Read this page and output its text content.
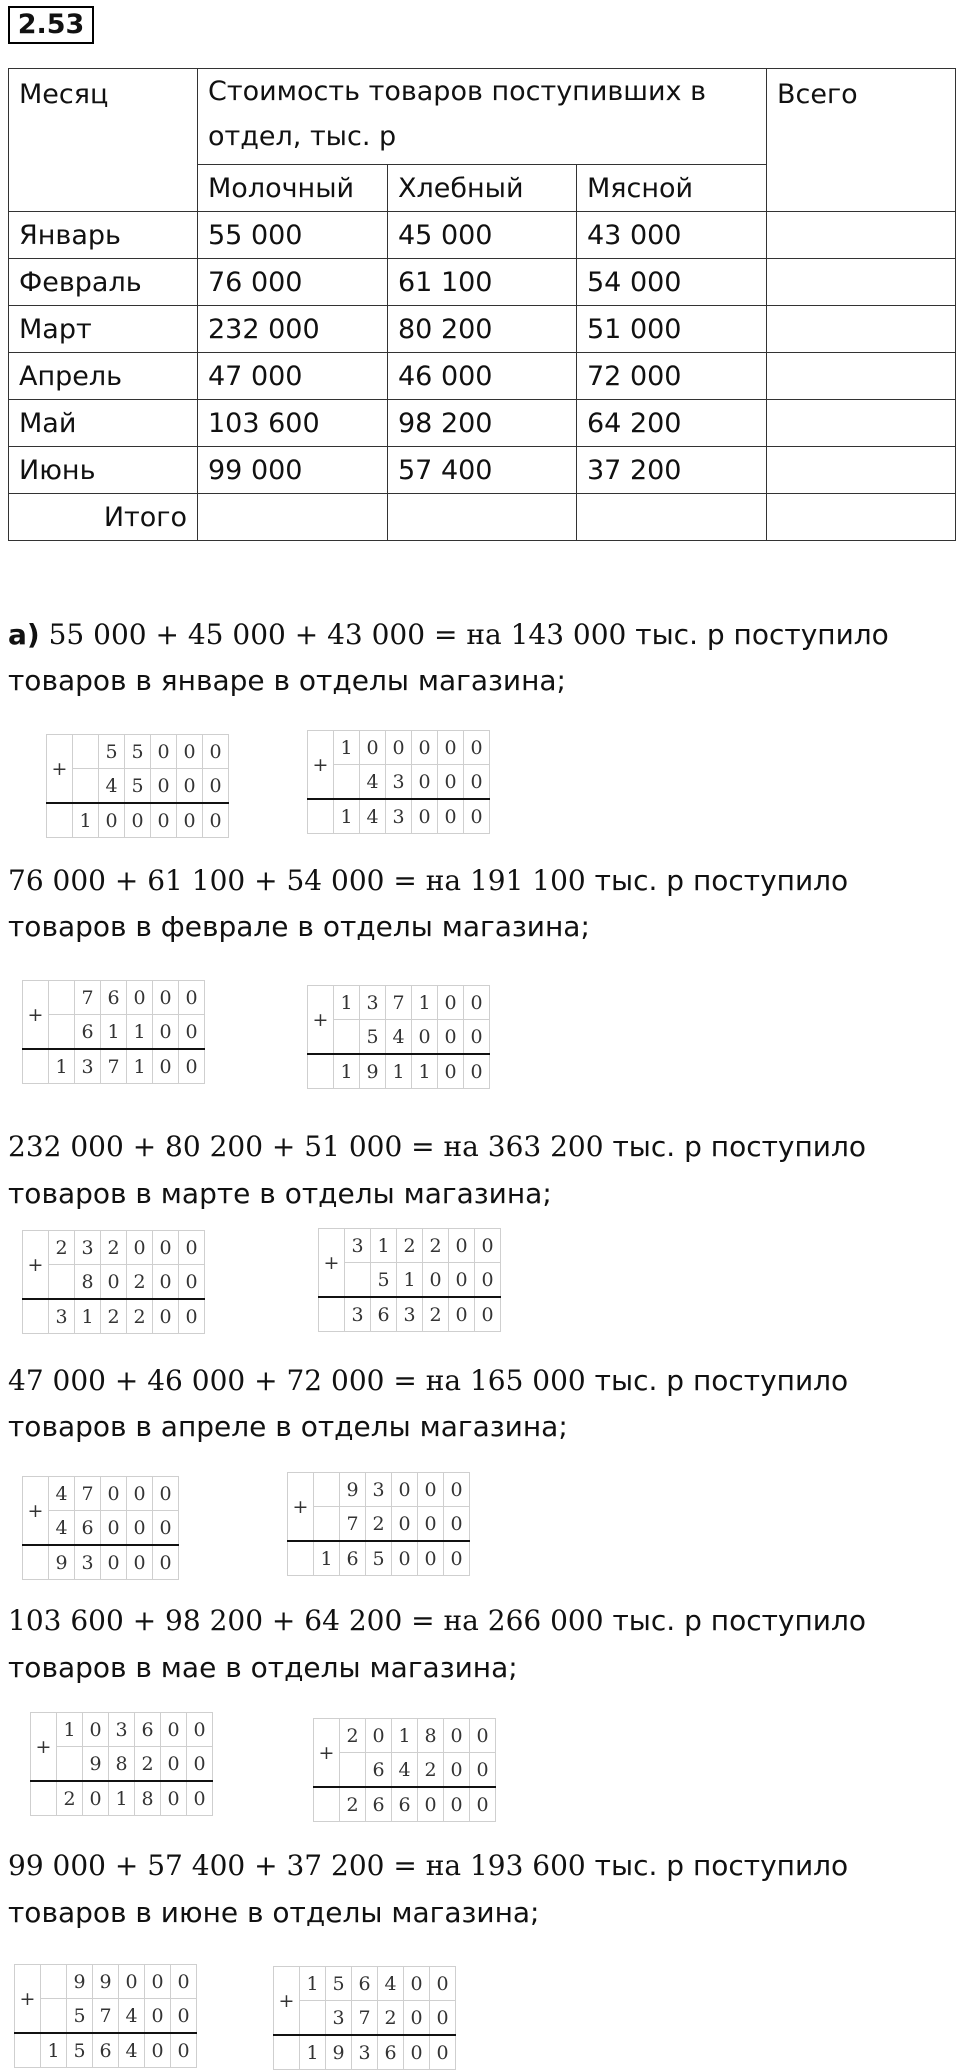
2.53
Месяц	Стоимость товаров поступивших в отдел, тыс. р			Всего
	Молочный	Хлебный	Мясной	
Январь	55 000	45 000	43 000	
Февраль	76 000	61 100	54 000	
Март	232 000	80 200	51 000	
Апрель	47 000	46 000	72 000	
Май	103 600	98 200	64 200	
Июнь	99 000	57 400	37 200	
Итого				
а) 55 000 + 45 000 + 43 000 = на 143 000 тыс. р поступило
товаров в январе в отделы магазина;
76 000 + 61 100 + 54 000 = на 191 100 тыс. р поступило
товаров в феврале в отделы магазина;
232 000 + 80 200 + 51 000 = на 363 200 тыс. р поступило
товаров в марте в отделы магазина;
47 000 + 46 000 + 72 000 = на 165 000 тыс. р поступило
товаров в апреле в отделы магазина;
103 600 + 98 200 + 64 200 = на 266 000 тыс. р поступило
товаров в мае в отделы магазина;
99 000 + 57 400 + 37 200 = на 193 600 тыс. р поступило
товаров в июне в отделы магазина;
+		5	5	0	0	0
		4	5	0	0	0
	1	0	0	0	0	0
+	1	0	0	0	0	0
		4	3	0	0	0
	1	4	3	0	0	0
+		7	6	0	0	0
		6	1	1	0	0
	1	3	7	1	0	0
+	1	3	7	1	0	0
		5	4	0	0	0
	1	9	1	1	0	0
+	2	3	2	0	0	0
		8	0	2	0	0
	3	1	2	2	0	0
+	3	1	2	2	0	0
		5	1	0	0	0
	3	6	3	2	0	0
+	4	7	0	0	0
	4	6	0	0	0
	9	3	0	0	0
+		9	3	0	0	0
		7	2	0	0	0
	1	6	5	0	0	0
+	1	0	3	6	0	0
		9	8	2	0	0
	2	0	1	8	0	0
+	2	0	1	8	0	0
		6	4	2	0	0
	2	6	6	0	0	0
+		9	9	0	0	0
		5	7	4	0	0
	1	5	6	4	0	0
+	1	5	6	4	0	0
		3	7	2	0	0
	1	9	3	6	0	0
